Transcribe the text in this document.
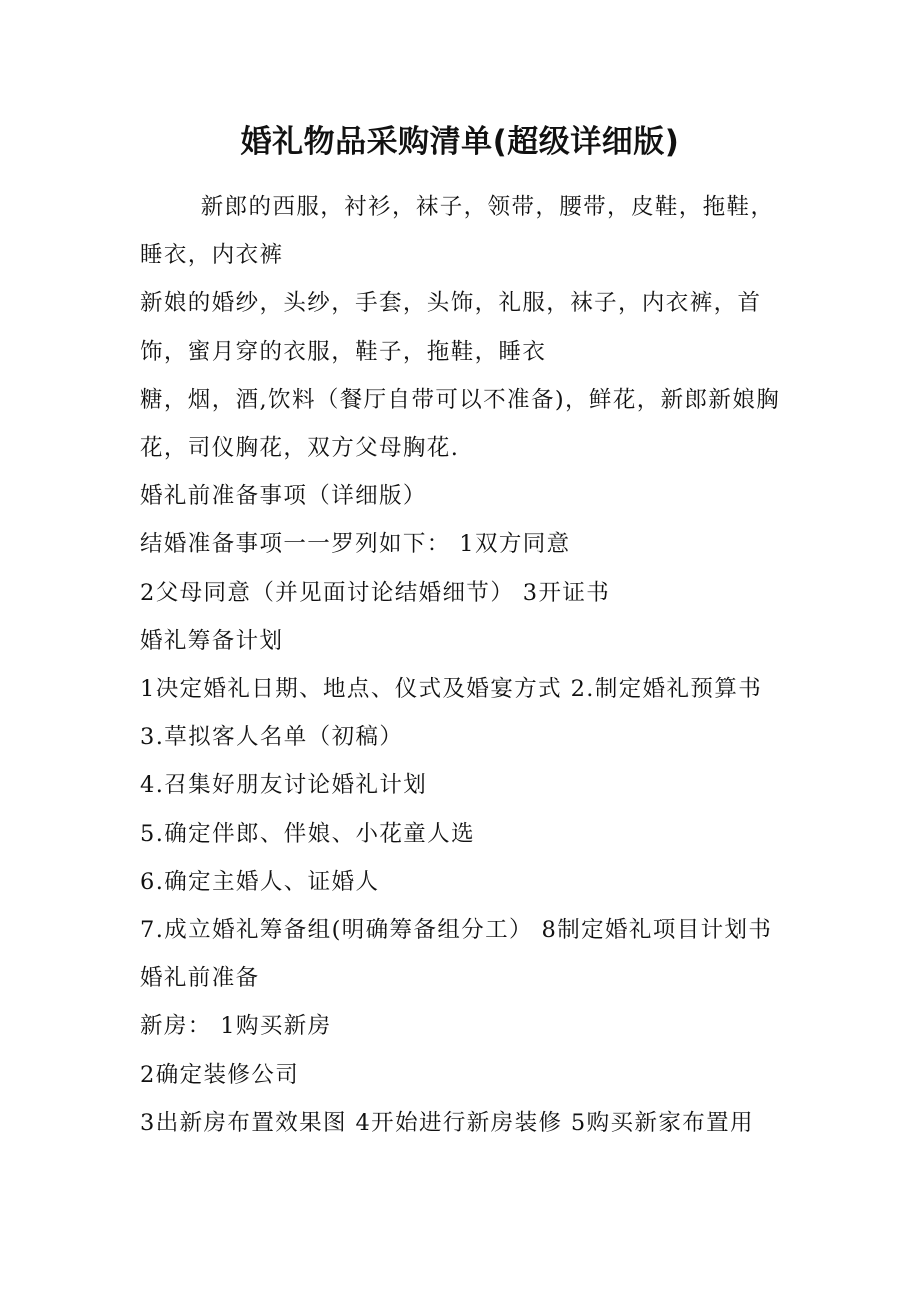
婚礼物品采购清单(超级详细版)

新郎的西服，衬衫，袜子，领带，腰带，皮鞋，拖鞋，睡衣，内衣裤

新娘的婚纱，头纱，手套，头饰，礼服，袜子，内衣裤，首饰，蜜月穿的衣服，鞋子，拖鞋，睡衣

糖，烟，酒,饮料（餐厅自带可以不准备)，鲜花，新郎新娘胸花，司仪胸花，双方父母胸花.

婚礼前准备事项（详细版）

结婚准备事项一一罗列如下： 1双方同意

2父母同意（并见面讨论结婚细节） 3开证书

婚礼筹备计划

1决定婚礼日期、地点、仪式及婚宴方式 2.制定婚礼预算书

3.草拟客人名单（初稿）

4.召集好朋友讨论婚礼计划

5.确定伴郎、伴娘、小花童人选

6.确定主婚人、证婚人

7.成立婚礼筹备组(明确筹备组分工） 8制定婚礼项目计划书

婚礼前准备

新房： 1购买新房

2确定装修公司

3出新房布置效果图 4开始进行新房装修 5购买新家布置用
